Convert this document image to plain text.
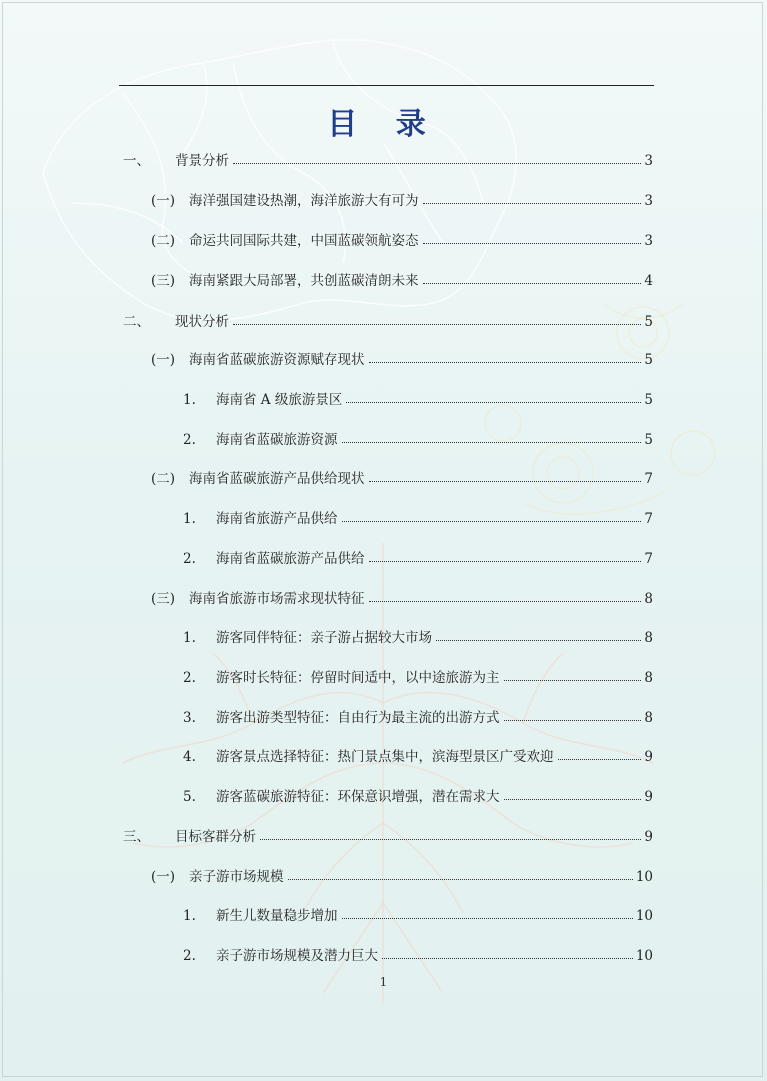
目 录
一、	背景分析	3
(一)	海洋强国建设热潮，海洋旅游大有可为	3
(二)	命运共同国际共建，中国蓝碳领航姿态	3
(三)	海南紧跟大局部署，共创蓝碳清朗未来	4
二、	现状分析	5
(一)	海南省蓝碳旅游资源赋存现状	5
1.	海南省 A 级旅游景区	5
2.	海南省蓝碳旅游资源	5
(二)	海南省蓝碳旅游产品供给现状	7
1.	海南省旅游产品供给	7
2.	海南省蓝碳旅游产品供给	7
(三)	海南省旅游市场需求现状特征	8
1.	游客同伴特征：亲子游占据较大市场	8
2.	游客时长特征：停留时间适中，以中途旅游为主	8
3.	游客出游类型特征：自由行为最主流的出游方式	8
4.	游客景点选择特征：热门景点集中，滨海型景区广受欢迎	9
5.	游客蓝碳旅游特征：环保意识增强，潜在需求大	9
三、	目标客群分析	9
(一)	亲子游市场规模	10
1.	新生儿数量稳步增加	10
2.	亲子游市场规模及潜力巨大	10
1
